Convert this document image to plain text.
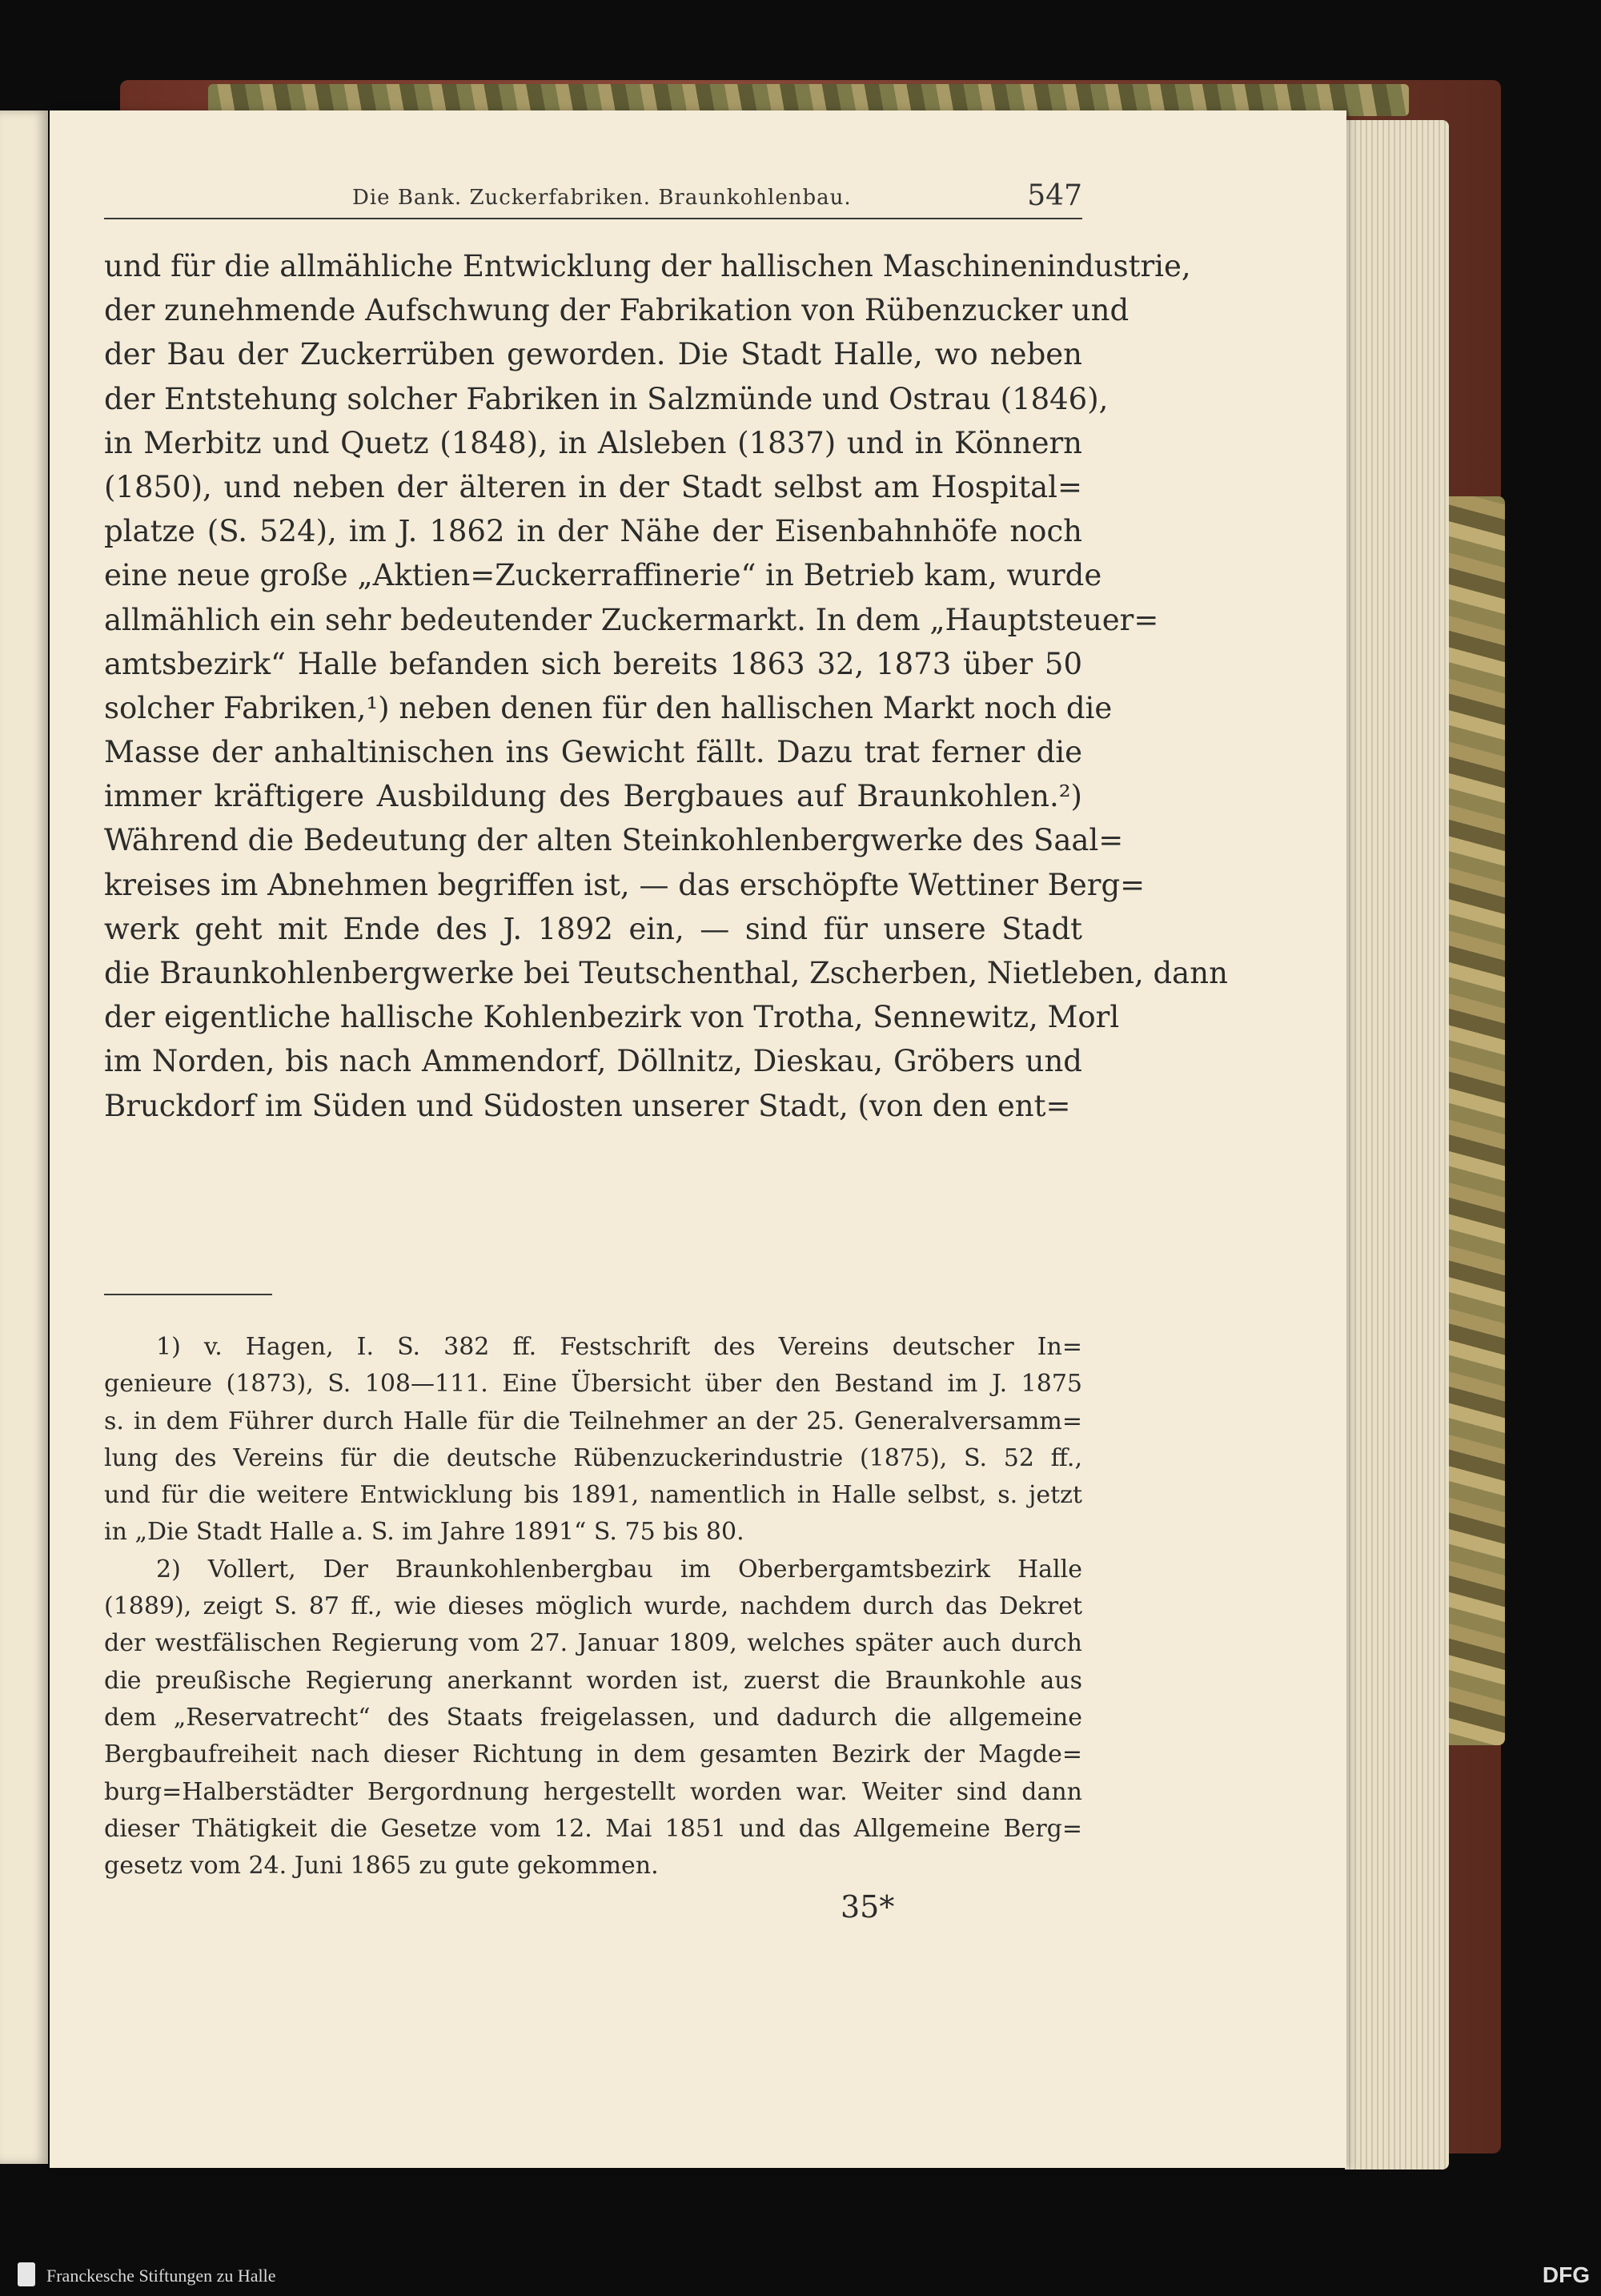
Die Bank. Zuckerfabriken. Braunkohlenbau.	547
und für die allmähliche Entwicklung der hallischen Maschinenindustrie,
der zunehmende Aufschwung der Fabrikation von Rübenzucker und
der Bau der Zuckerrüben geworden. Die Stadt Halle, wo neben
der Entstehung solcher Fabriken in Salzmünde und Ostrau (1846),
in Merbitz und Quetz (1848), in Alsleben (1837) und in Könnern
(1850), und neben der älteren in der Stadt selbst am Hospital=
platze (S. 524), im J. 1862 in der Nähe der Eisenbahnhöfe noch
eine neue große „Aktien=Zuckerraffinerie“ in Betrieb kam, wurde
allmählich ein sehr bedeutender Zuckermarkt. In dem „Hauptsteuer=
amtsbezirk“ Halle befanden sich bereits 1863 32, 1873 über 50
solcher Fabriken,¹) neben denen für den hallischen Markt noch die
Masse der anhaltinischen ins Gewicht fällt. Dazu trat ferner die
immer kräftigere Ausbildung des Bergbaues auf Braunkohlen.²)
Während die Bedeutung der alten Steinkohlenbergwerke des Saal=
kreises im Abnehmen begriffen ist, — das erschöpfte Wettiner Berg=
werk geht mit Ende des J. 1892 ein, — sind für unsere Stadt
die Braunkohlenbergwerke bei Teutschenthal, Zscherben, Nietleben, dann
der eigentliche hallische Kohlenbezirk von Trotha, Sennewitz, Morl
im Norden, bis nach Ammendorf, Döllnitz, Dieskau, Gröbers und
Bruckdorf im Süden und Südosten unserer Stadt, (von den ent=
1) v. Hagen, I. S. 382 ff. Festschrift des Vereins deutscher In=
genieure (1873), S. 108—111. Eine Übersicht über den Bestand im J. 1875
s. in dem Führer durch Halle für die Teilnehmer an der 25. Generalversamm=
lung des Vereins für die deutsche Rübenzuckerindustrie (1875), S. 52 ff.,
und für die weitere Entwicklung bis 1891, namentlich in Halle selbst, s. jetzt
in „Die Stadt Halle a. S. im Jahre 1891“ S. 75 bis 80.
2) Vollert, Der Braunkohlenbergbau im Oberbergamtsbezirk Halle
(1889), zeigt S. 87 ff., wie dieses möglich wurde, nachdem durch das Dekret
der westfälischen Regierung vom 27. Januar 1809, welches später auch durch
die preußische Regierung anerkannt worden ist, zuerst die Braunkohle aus
dem „Reservatrecht“ des Staats freigelassen, und dadurch die allgemeine
Bergbaufreiheit nach dieser Richtung in dem gesamten Bezirk der Magde=
burg=Halberstädter Bergordnung hergestellt worden war. Weiter sind dann
dieser Thätigkeit die Gesetze vom 12. Mai 1851 und das Allgemeine Berg=
gesetz vom 24. Juni 1865 zu gute gekommen.
35*
Franckesche Stiftungen zu Halle	DFG
